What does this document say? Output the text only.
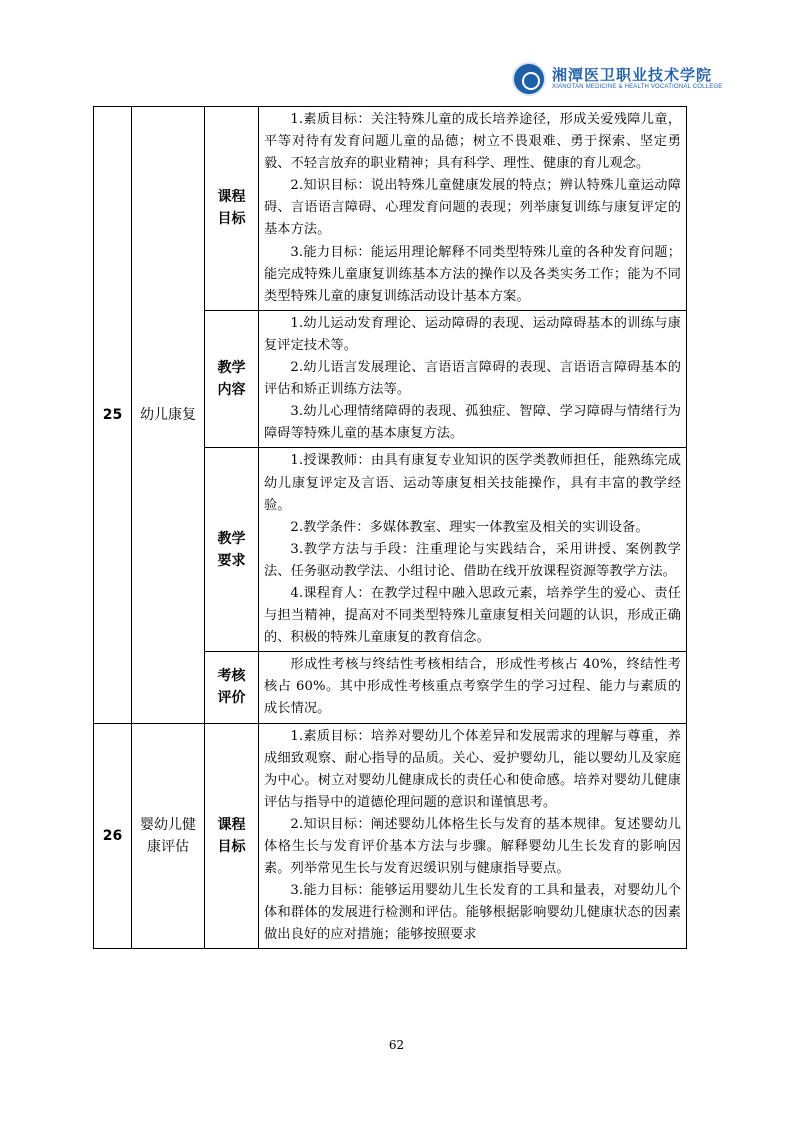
湘潭医卫职业技术学院
XIANGTAN MEDICINE & HEALTH VOCATIONAL COLLEGE
25	幼儿康复	课程目标	1.素质目标：关注特殊儿童的成长培养途径，形成关爱残障儿童，平等对待有发育问题儿童的品德；树立不畏艰难、勇于探索、坚定勇毅、不轻言放弃的职业精神；具有科学、理性、健康的育儿观念。

2.知识目标：说出特殊儿童健康发展的特点；辨认特殊儿童运动障碍、言语语言障碍、心理发育问题的表现；列举康复训练与康复评定的基本方法。

3.能力目标：能运用理论解释不同类型特殊儿童的各种发育问题；能完成特殊儿童康复训练基本方法的操作以及各类实务工作；能为不同类型特殊儿童的康复训练活动设计基本方案。

		教学内容	1.幼儿运动发育理论、运动障碍的表现、运动障碍基本的训练与康复评定技术等。

2.幼儿语言发展理论、言语语言障碍的表现、言语语言障碍基本的评估和矫正训练方法等。

3.幼儿心理情绪障碍的表现、孤独症、智障、学习障碍与情绪行为障碍等特殊儿童的基本康复方法。

		教学要求	1.授课教师：由具有康复专业知识的医学类教师担任，能熟练完成幼儿康复评定及言语、运动等康复相关技能操作，具有丰富的教学经验。

2.教学条件：多媒体教室、理实一体教室及相关的实训设备。

3.教学方法与手段：注重理论与实践结合，采用讲授、案例教学法、任务驱动教学法、小组讨论、借助在线开放课程资源等教学方法。

4.课程育人：在教学过程中融入思政元素，培养学生的爱心、责任与担当精神，提高对不同类型特殊儿童康复相关问题的认识，形成正确的、积极的特殊儿童康复的教育信念。

		考核评价	形成性考核与终结性考核相结合，形成性考核占 40%，终结性考核占 60%。其中形成性考核重点考察学生的学习过程、能力与素质的成长情况。

26	婴幼儿健康评估	课程目标	1.素质目标：培养对婴幼儿个体差异和发展需求的理解与尊重，养成细致观察、耐心指导的品质。关心、爱护婴幼儿，能以婴幼儿及家庭为中心。树立对婴幼儿健康成长的责任心和使命感。培养对婴幼儿健康评估与指导中的道德伦理问题的意识和谨慎思考。

2.知识目标：阐述婴幼儿体格生长与发育的基本规律。复述婴幼儿体格生长与发育评价基本方法与步骤。解释婴幼儿生长发育的影响因素。列举常见生长与发育迟缓识别与健康指导要点。

3.能力目标：能够运用婴幼儿生长发育的工具和量表，对婴幼儿个体和群体的发展进行检测和评估。能够根据影响婴幼儿健康状态的因素做出良好的应对措施；能够按照要求

62
